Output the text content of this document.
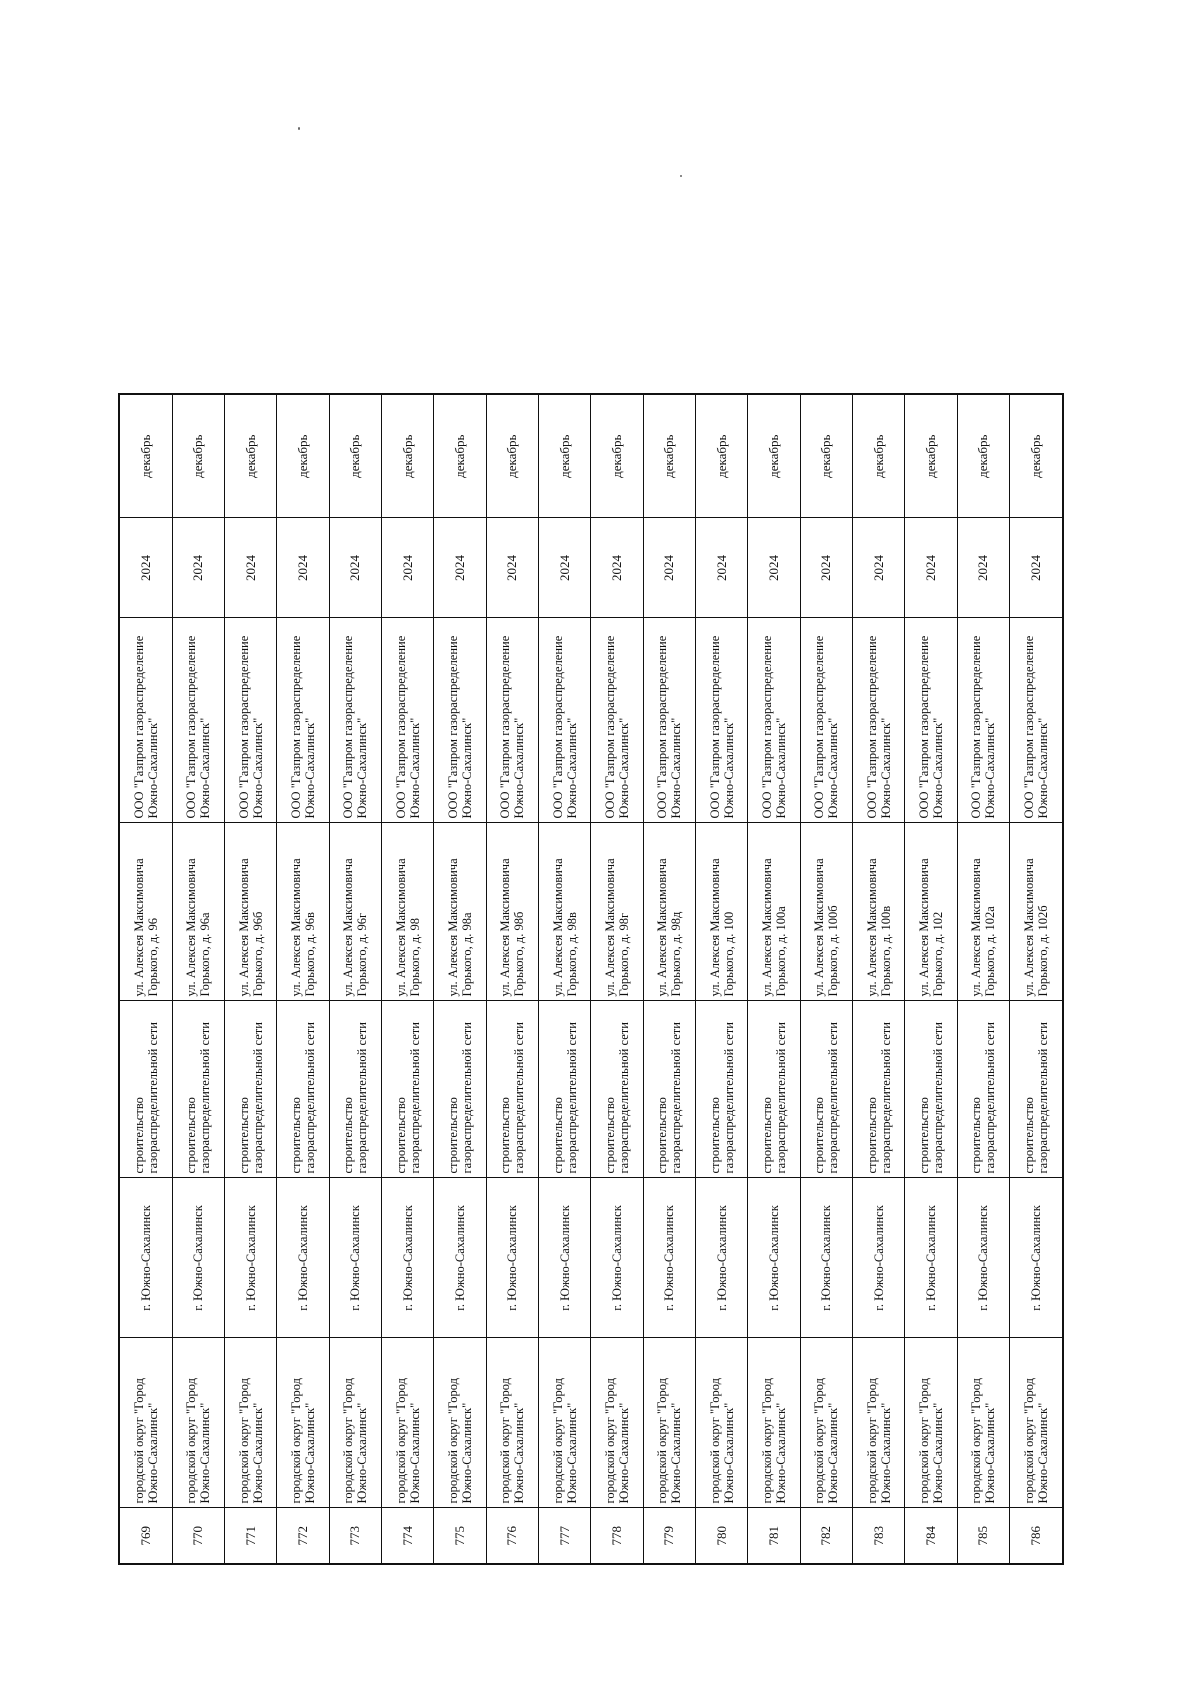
769	городской округ "Город Южно-Сахалинск"	г. Южно-Сахалинск	строительство газораспределительной сети	ул. Алексея Максимовича Горького, д. 96	ООО "Газпром газораспределение Южно-Сахалинск"	2024	декабрь
770	городской округ "Город Южно-Сахалинск"	г. Южно-Сахалинск	строительство газораспределительной сети	ул. Алексея Максимовича Горького, д. 96а	ООО "Газпром газораспределение Южно-Сахалинск"	2024	декабрь
771	городской округ "Город Южно-Сахалинск"	г. Южно-Сахалинск	строительство газораспределительной сети	ул. Алексея Максимовича Горького, д. 96б	ООО "Газпром газораспределение Южно-Сахалинск"	2024	декабрь
772	городской округ "Город Южно-Сахалинск"	г. Южно-Сахалинск	строительство газораспределительной сети	ул. Алексея Максимовича Горького, д. 96в	ООО "Газпром газораспределение Южно-Сахалинск"	2024	декабрь
773	городской округ "Город Южно-Сахалинск"	г. Южно-Сахалинск	строительство газораспределительной сети	ул. Алексея Максимовича Горького, д. 96г	ООО "Газпром газораспределение Южно-Сахалинск"	2024	декабрь
774	городской округ "Город Южно-Сахалинск"	г. Южно-Сахалинск	строительство газораспределительной сети	ул. Алексея Максимовича Горького, д. 98	ООО "Газпром газораспределение Южно-Сахалинск"	2024	декабрь
775	городской округ "Город Южно-Сахалинск"	г. Южно-Сахалинск	строительство газораспределительной сети	ул. Алексея Максимовича Горького, д. 98а	ООО "Газпром газораспределение Южно-Сахалинск"	2024	декабрь
776	городской округ "Город Южно-Сахалинск"	г. Южно-Сахалинск	строительство газораспределительной сети	ул. Алексея Максимовича Горького, д. 98б	ООО "Газпром газораспределение Южно-Сахалинск"	2024	декабрь
777	городской округ "Город Южно-Сахалинск"	г. Южно-Сахалинск	строительство газораспределительной сети	ул. Алексея Максимовича Горького, д. 98в	ООО "Газпром газораспределение Южно-Сахалинск"	2024	декабрь
778	городской округ "Город Южно-Сахалинск"	г. Южно-Сахалинск	строительство газораспределительной сети	ул. Алексея Максимовича Горького, д. 98г	ООО "Газпром газораспределение Южно-Сахалинск"	2024	декабрь
779	городской округ "Город Южно-Сахалинск"	г. Южно-Сахалинск	строительство газораспределительной сети	ул. Алексея Максимовича Горького, д. 98д	ООО "Газпром газораспределение Южно-Сахалинск"	2024	декабрь
780	городской округ "Город Южно-Сахалинск"	г. Южно-Сахалинск	строительство газораспределительной сети	ул. Алексея Максимовича Горького, д. 100	ООО "Газпром газораспределение Южно-Сахалинск"	2024	декабрь
781	городской округ "Город Южно-Сахалинск"	г. Южно-Сахалинск	строительство газораспределительной сети	ул. Алексея Максимовича Горького, д. 100а	ООО "Газпром газораспределение Южно-Сахалинск"	2024	декабрь
782	городской округ "Город Южно-Сахалинск"	г. Южно-Сахалинск	строительство газораспределительной сети	ул. Алексея Максимовича Горького, д. 100б	ООО "Газпром газораспределение Южно-Сахалинск"	2024	декабрь
783	городской округ "Город Южно-Сахалинск"	г. Южно-Сахалинск	строительство газораспределительной сети	ул. Алексея Максимовича Горького, д. 100в	ООО "Газпром газораспределение Южно-Сахалинск"	2024	декабрь
784	городской округ "Город Южно-Сахалинск"	г. Южно-Сахалинск	строительство газораспределительной сети	ул. Алексея Максимовича Горького, д. 102	ООО "Газпром газораспределение Южно-Сахалинск"	2024	декабрь
785	городской округ "Город Южно-Сахалинск"	г. Южно-Сахалинск	строительство газораспределительной сети	ул. Алексея Максимовича Горького, д. 102а	ООО "Газпром газораспределение Южно-Сахалинск"	2024	декабрь
786	городской округ "Город Южно-Сахалинск"	г. Южно-Сахалинск	строительство газораспределительной сети	ул. Алексея Максимовича Горького, д. 102б	ООО "Газпром газораспределение Южно-Сахалинск"	2024	декабрь
